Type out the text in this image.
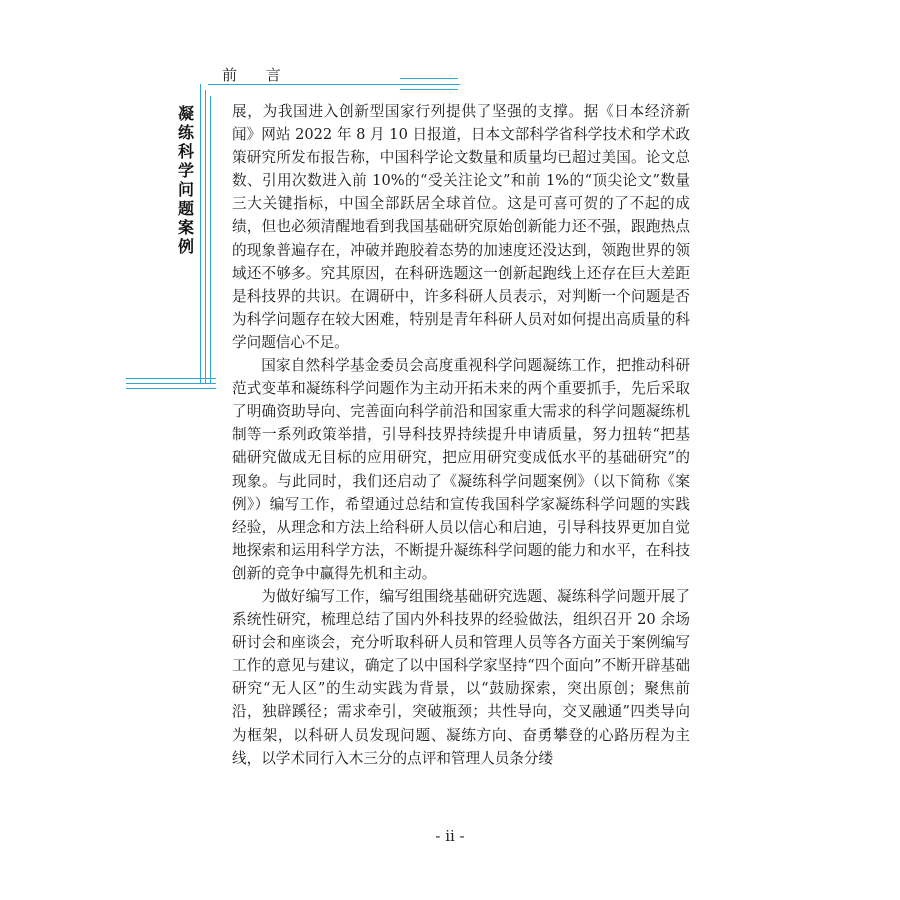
前 言
凝练科学问题案例

展，为我国进入创新型国家行列提供了坚强的支撑。据《日本经济新闻》网站 2022 年 8 月 10 日报道，日本文部科学省科学技术和学术政策研究所发布报告称，中国科学论文数量和质量均已超过美国。论文总数、引用次数进入前 10%的“受关注论文”和前 1%的“顶尖论文”数量三大关键指标，中国全部跃居全球首位。这是可喜可贺的了不起的成绩，但也必须清醒地看到我国基础研究原始创新能力还不强，跟跑热点的现象普遍存在，冲破并跑胶着态势的加速度还没达到，领跑世界的领域还不够多。究其原因，在科研选题这一创新起跑线上还存在巨大差距是科技界的共识。在调研中，许多科研人员表示，对判断一个问题是否为科学问题存在较大困难，特别是青年科研人员对如何提出高质量的科学问题信心不足。

国家自然科学基金委员会高度重视科学问题凝练工作，把推动科研范式变革和凝练科学问题作为主动开拓未来的两个重要抓手，先后采取了明确资助导向、完善面向科学前沿和国家重大需求的科学问题凝练机制等一系列政策举措，引导科技界持续提升申请质量，努力扭转“把基础研究做成无目标的应用研究，把应用研究变成低水平的基础研究”的现象。与此同时，我们还启动了《凝练科学问题案例》（以下简称《案例》）编写工作，希望通过总结和宣传我国科学家凝练科学问题的实践经验，从理念和方法上给科研人员以信心和启迪，引导科技界更加自觉地探索和运用科学方法，不断提升凝练科学问题的能力和水平，在科技创新的竞争中赢得先机和主动。

为做好编写工作，编写组围绕基础研究选题、凝练科学问题开展了系统性研究，梳理总结了国内外科技界的经验做法，组织召开 20 余场研讨会和座谈会，充分听取科研人员和管理人员等各方面关于案例编写工作的意见与建议，确定了以中国科学家坚持“四个面向”不断开辟基础研究“无人区”的生动实践为背景，以“鼓励探索，突出原创；聚焦前沿，独辟蹊径；需求牵引，突破瓶颈；共性导向，交叉融通”四类导向为框架，以科研人员发现问题、凝练方向、奋勇攀登的心路历程为主线，以学术同行入木三分的点评和管理人员条分缕

- ii -
